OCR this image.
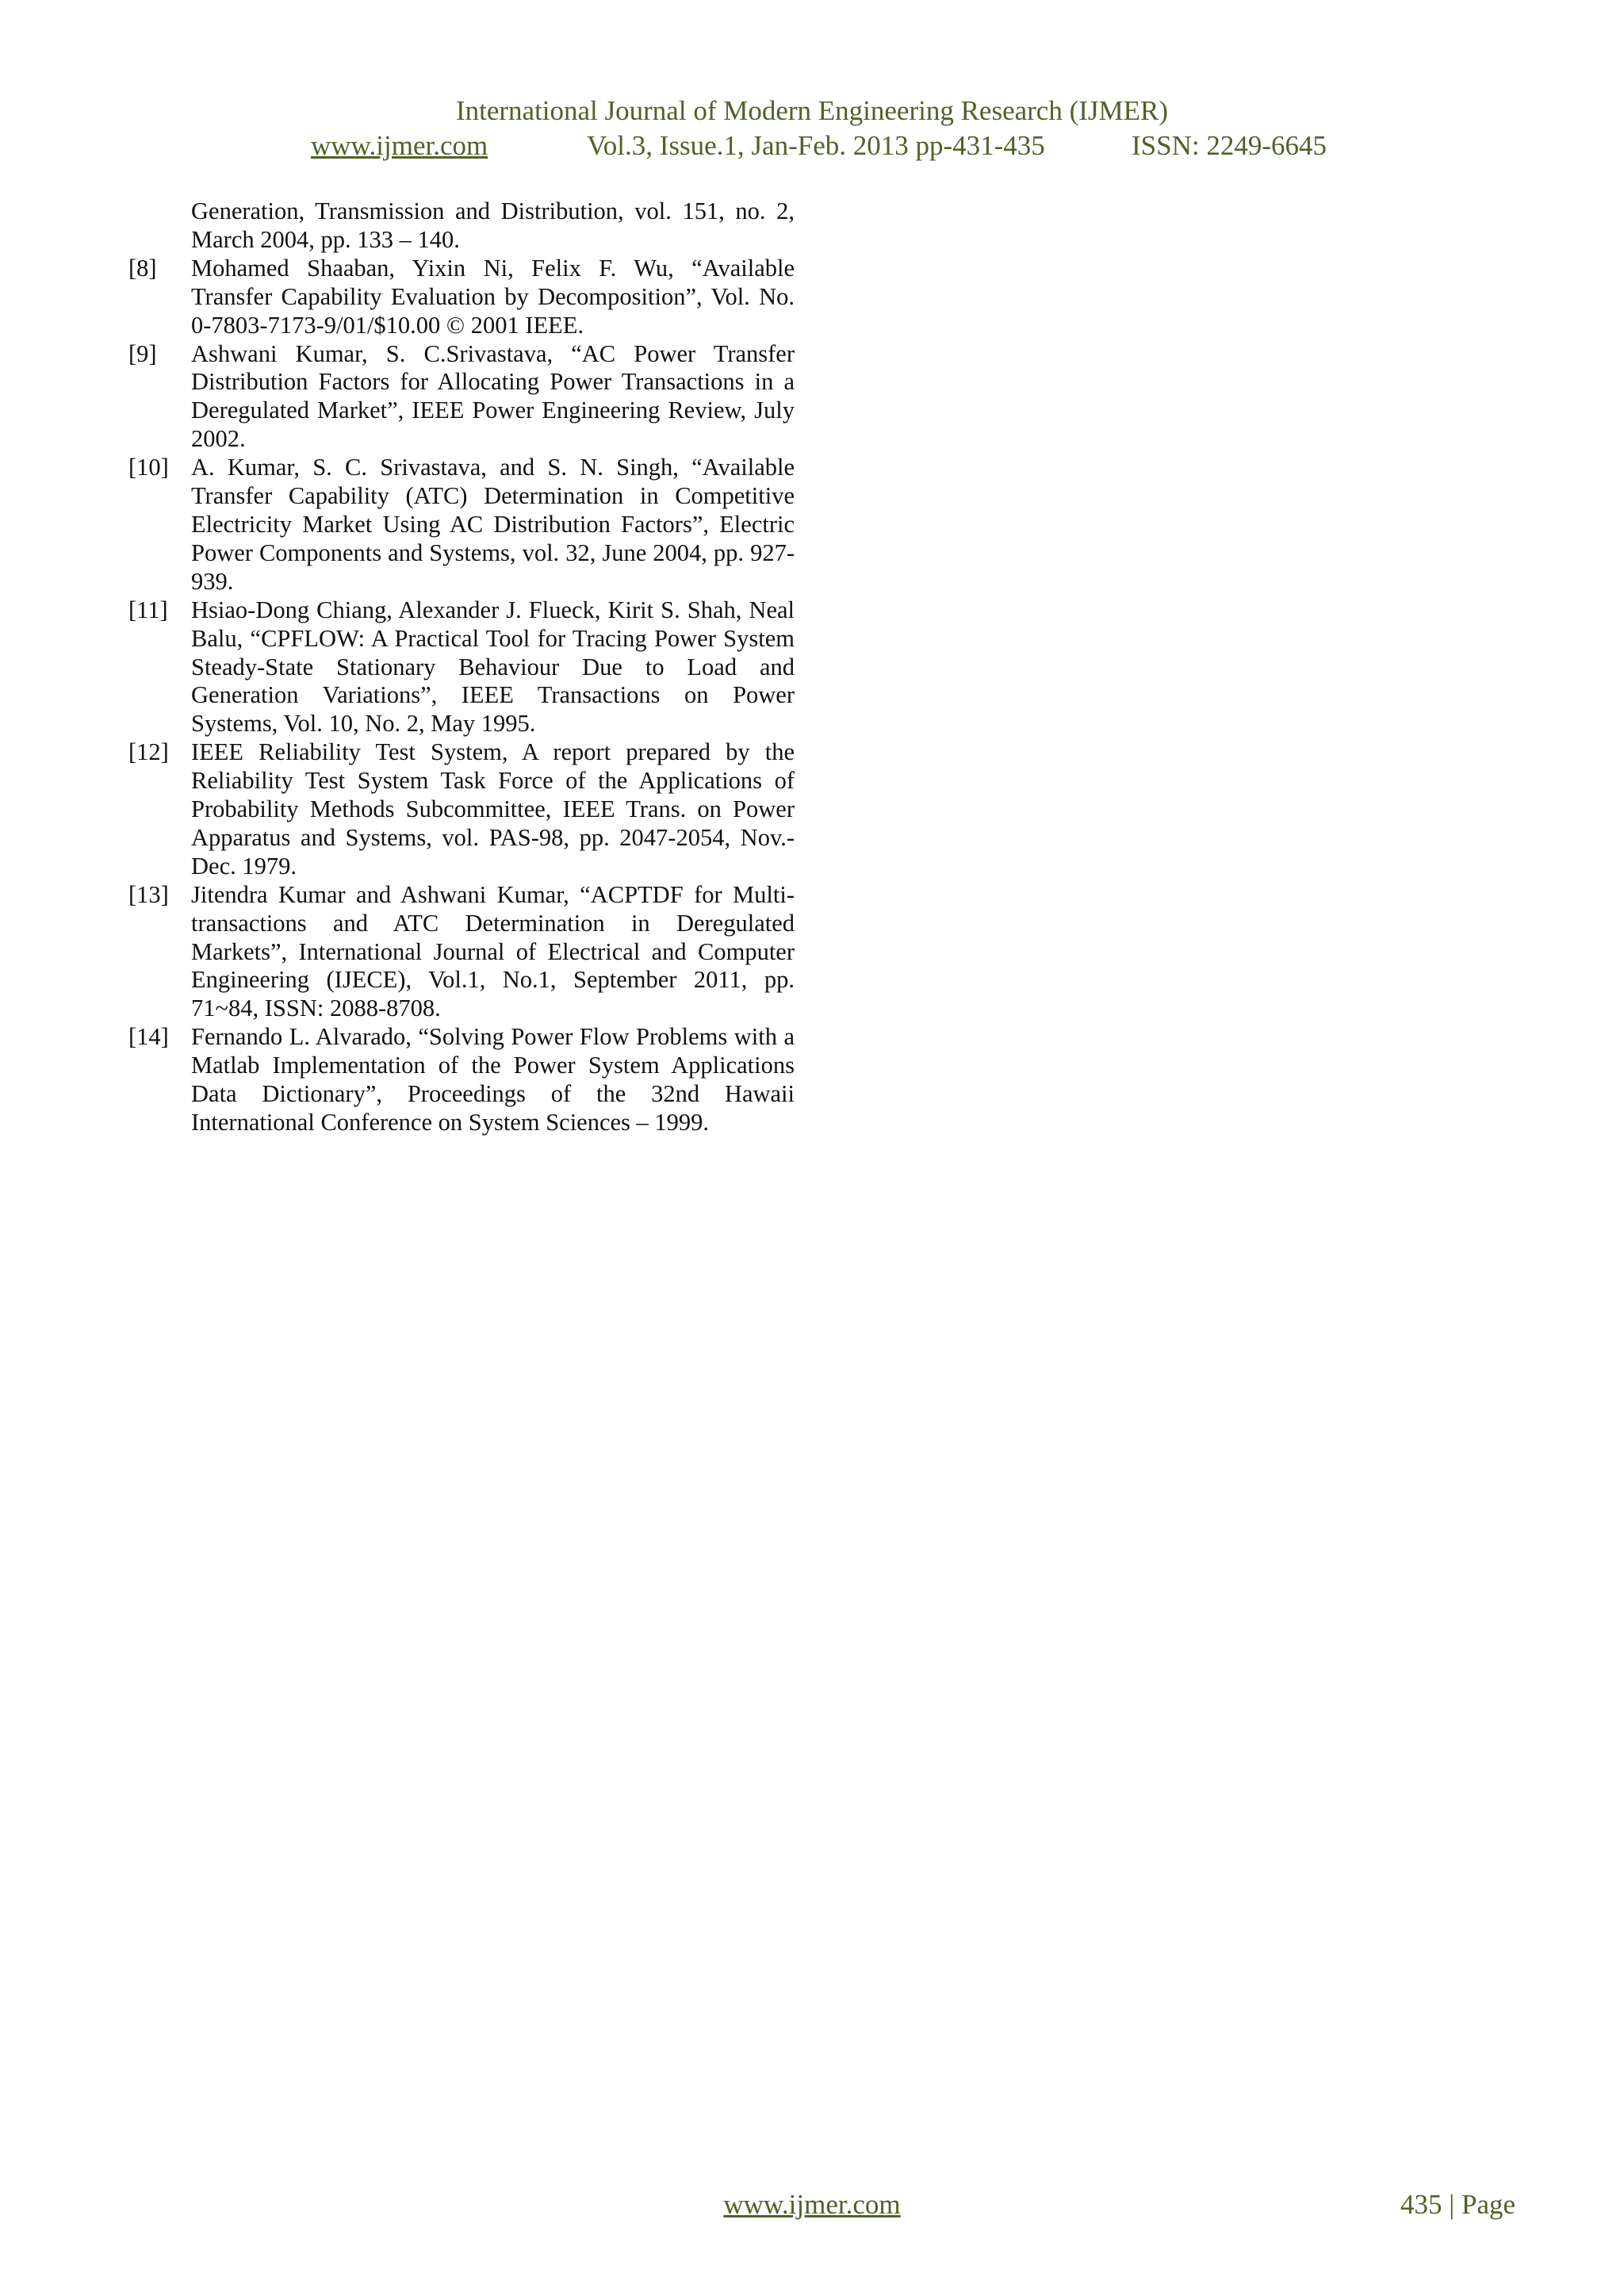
International Journal of Modern Engineering Research (IJMER)
www.ijmer.com	Vol.3, Issue.1, Jan-Feb. 2013 pp-431-435	ISSN: 2249-6645
Generation, Transmission and Distribution, vol. 151, no. 2, March 2004, pp. 133 – 140.
[8]	Mohamed Shaaban, Yixin Ni, Felix F. Wu, “Available Transfer Capability Evaluation by Decomposition”, Vol. No. 0-7803-7173-9/01/$10.00 © 2001 IEEE.
[9]	Ashwani Kumar, S. C.Srivastava, “AC Power Transfer Distribution Factors for Allocating Power Transactions in a Deregulated Market”, IEEE Power Engineering Review, July 2002.
[10] A. Kumar, S. C. Srivastava, and S. N. Singh, “Available Transfer Capability (ATC) Determination in Competitive Electricity Market Using AC Distribution Factors”, Electric Power Components and Systems, vol. 32, June 2004, pp. 927-939.
[11] Hsiao-Dong Chiang, Alexander J. Flueck, Kirit S. Shah, Neal Balu, “CPFLOW: A Practical Tool for Tracing Power System Steady-State Stationary Behaviour Due to Load and Generation Variations”, IEEE Transactions on Power Systems, Vol. 10, No. 2, May 1995.
[12] IEEE Reliability Test System, A report prepared by the Reliability Test System Task Force of the Applications of Probability Methods Subcommittee, IEEE Trans. on Power Apparatus and Systems, vol. PAS-98, pp. 2047-2054, Nov.-Dec. 1979.
[13] Jitendra Kumar and Ashwani Kumar, “ACPTDF for Multi-transactions and ATC Determination in Deregulated Markets”, International Journal of Electrical and Computer Engineering (IJECE), Vol.1, No.1, September 2011, pp. 71~84, ISSN: 2088-8708.
[14] Fernando L. Alvarado, “Solving Power Flow Problems with a Matlab Implementation of the Power System Applications Data Dictionary”, Proceedings of the 32nd Hawaii International Conference on System Sciences – 1999.
www.ijmer.com	435 | Page
